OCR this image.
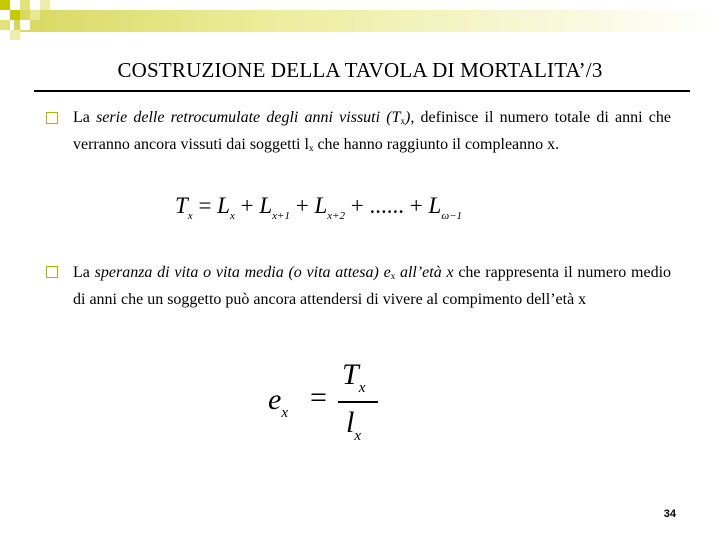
COSTRUZIONE DELLA TAVOLA DI MORTALITA’/3
La serie delle retrocumulate degli anni vissuti $(T_x)$, definisce il numero totale di anni che verranno ancora vissuti dai soggetti $l_x$ che hanno raggiunto il compleanno x.
$T_x = L_x + L_{x+1} + L_{x+2}$ + ...... + $L_{\omega-1}$
La speranza di vita o vita media (o vita attesa) $e_x$ all’età x che rappresenta il numero medio di anni che un soggetto può ancora attendersi di vivere al compimento dell’età x
$e_x$ =
$T_x$
$l_x$
34
